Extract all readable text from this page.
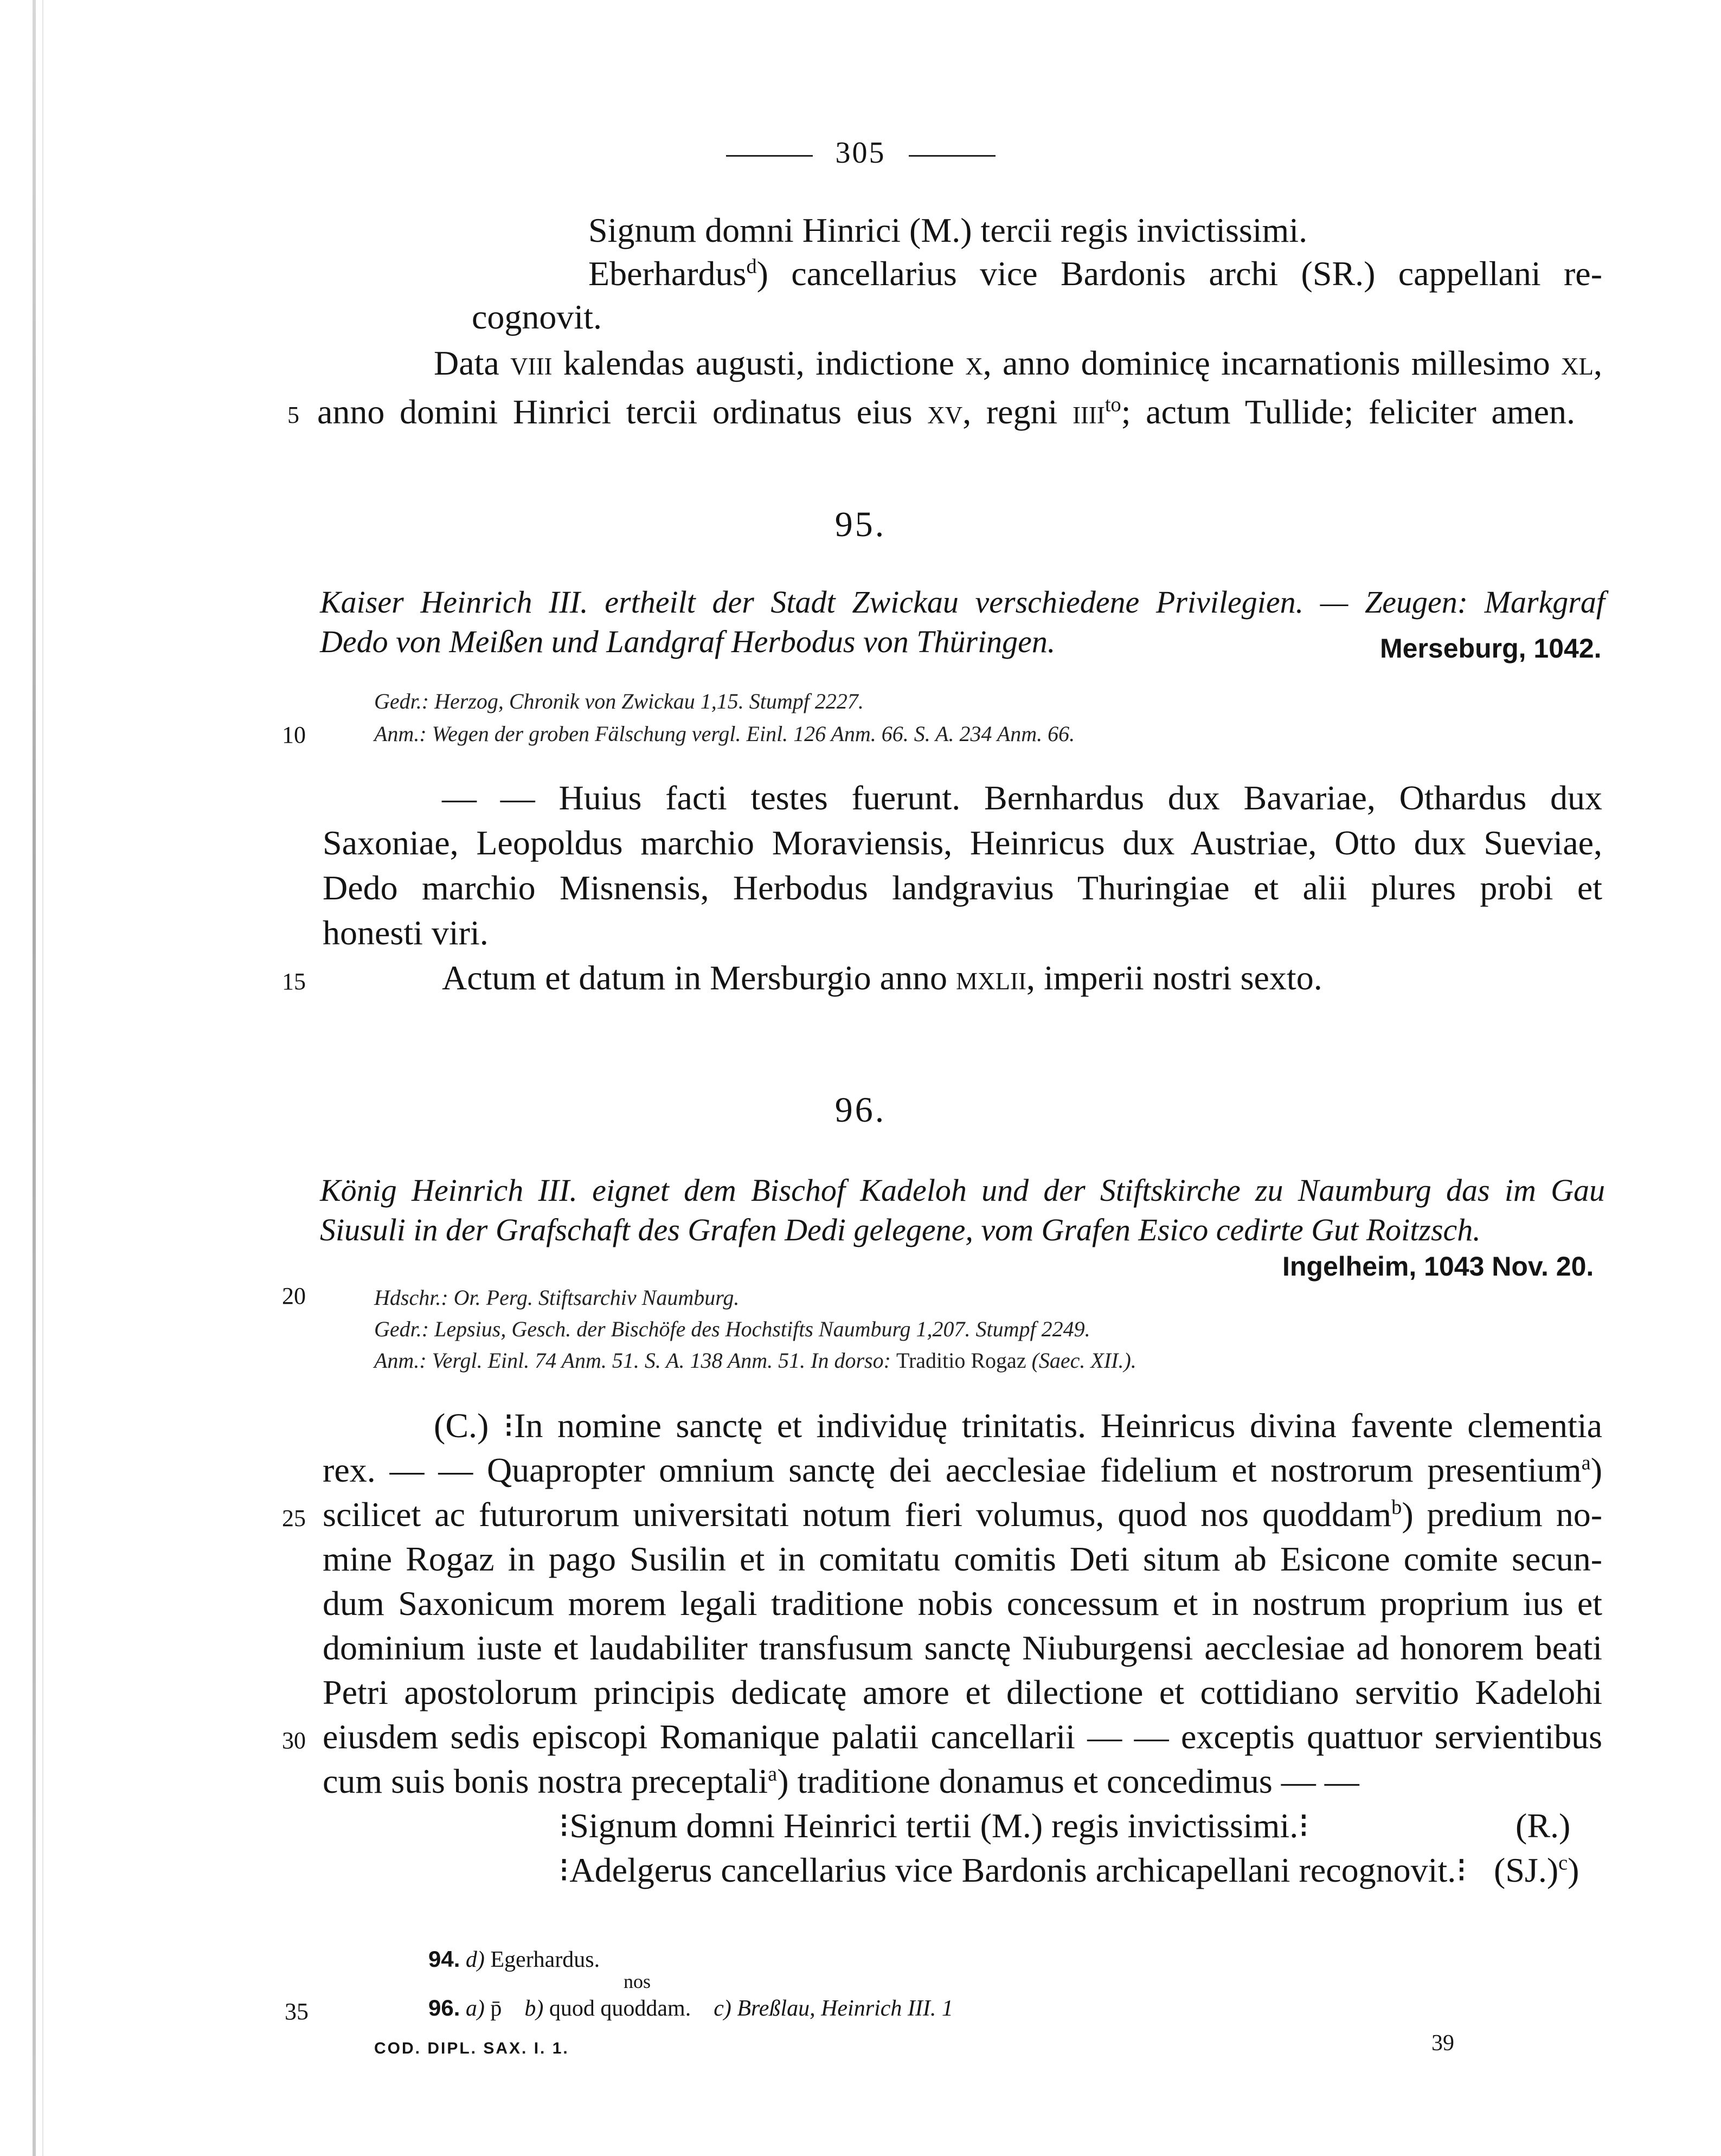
305
Signum domni Hinrici (M.) tercii regis invictissimi.
Eberhardus$^d$) cancellarius vice Bardonis archi (SR.) cappellani re-
cognovit.
Data viii kalendas augusti, indictione x, anno dominicę incarnationis millesimo xl,
5 anno domini Hinrici tercii ordinatus eius xv, regni iiii$^{to}$; actum Tullide; feliciter amen.
95.
Kaiser Heinrich III. ertheilt der Stadt Zwickau verschiedene Privilegien. — Zeugen: Markgraf
Dedo von Meißen und Landgraf Herbodus von Thüringen.	Merseburg, 1042.
Gedr.: Herzog, Chronik von Zwickau 1,15. Stumpf 2227.
10	Anm.: Wegen der groben Fälschung vergl. Einl. 126 Anm. 66. S. A. 234 Anm. 66.
— — Huius facti testes fuerunt. Bernhardus dux Bavariae, Othardus dux
Saxoniae, Leopoldus marchio Moraviensis, Heinricus dux Austriae, Otto dux Sueviae,
Dedo marchio Misnensis, Herbodus landgravius Thuringiae et alii plures probi et
honesti viri.
15	Actum et datum in Mersburgio anno mxlii, imperii nostri sexto.
96.
König Heinrich III. eignet dem Bischof Kadeloh und der Stiftskirche zu Naumburg das im Gau
Siusuli in der Grafschaft des Grafen Dedi gelegene, vom Grafen Esico cedirte Gut Roitzsch.
Ingelheim, 1043 Nov. 20.
20	Hdschr.: Or. Perg. Stiftsarchiv Naumburg.
Gedr.: Lepsius, Gesch. der Bischöfe des Hochstifts Naumburg 1,207. Stumpf 2249.
Anm.: Vergl. Einl. 74 Anm. 51. S. A. 138 Anm. 51. In dorso: Traditio Rogaz (Saec. XII.).
(C.) ⁝In nomine sanctę et individuę trinitatis. Heinricus divina favente clementia
rex. — — Quapropter omnium sanctę dei aecclesiae fidelium et nostrorum presentium$^a$)
25 scilicet ac futurorum universitati notum fieri volumus, quod nos quoddam$^b$) predium no-
mine Rogaz in pago Susilin et in comitatu comitis Deti situm ab Esicone comite secun-
dum Saxonicum morem legali traditione nobis concessum et in nostrum proprium ius et
dominium iuste et laudabiliter transfusum sanctę Niuburgensi aecclesiae ad honorem beati
Petri apostolorum principis dedicatę amore et dilectione et cottidiano servitio Kadelohi
30 eiusdem sedis episcopi Romanique palatii cancellarii — — exceptis quattuor servientibus
cum suis bonis nostra preceptali$^a$) traditione donamus et concedimus — —
⁝Signum domni Heinrici tertii (M.) regis invictissimi.⁝	(R.)
⁝Adelgerus cancellarius vice Bardonis archicapellani recognovit.⁝ $(SJ.)^c$)
94. d) Egerhardus.
nos
35	96. a) p̄    b) quod quoddam.    c) Breßlau, Heinrich III. 1
COD. DIPL. SAX. I. 1.	39
